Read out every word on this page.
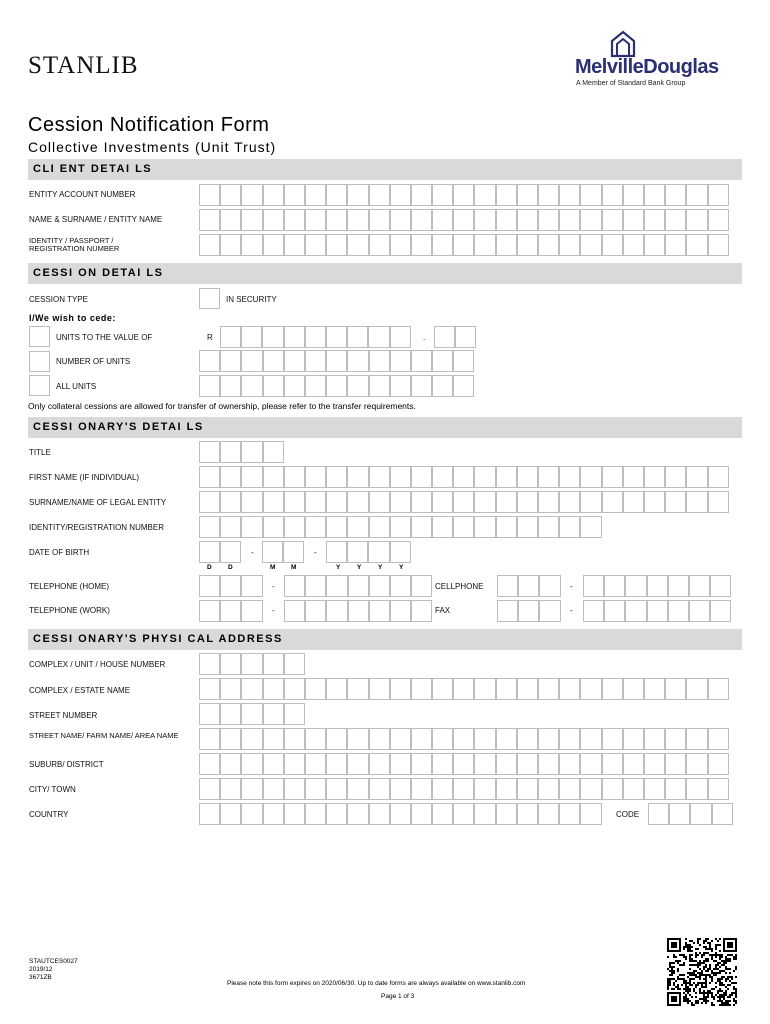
STANLIB	MelvilleDouglas
A Member of Standard Bank Group
Cession Notification Form
Collective Investments (Unit Trust)
CLI ENT DETAI LS
ENTITY ACCOUNT NUMBER
NAME & SURNAME / ENTITY NAME
IDENTITY / PASSPORT / REGISTRATION NUMBER
CESSI ON DETAI LS
CESSION TYPE	IN SECURITY
I/We wish to cede:
UNITS TO THE VALUE OF	R	.
NUMBER OF UNITS
ALL UNITS
Only collateral cessions are allowed for transfer of ownership, please refer to the transfer requirements.
CESSI ONARY'S DETAI LS
TITLE
FIRST NAME (IF INDIVIDUAL)
SURNAME/NAME OF LEGAL ENTITY
IDENTITY/REGISTRATION NUMBER
DATE OF BIRTH	-	-
D	D	M M	Y	Y	Y	Y
TELEPHONE (HOME)	-	CELLPHONE	-
TELEPHONE (WORK)	-	FAX	-
CESSI ONARY'S PHYSI CAL ADDRESS
COMPLEX / UNIT / HOUSE NUMBER
COMPLEX / ESTATE NAME
STREET NUMBER
STREET NAME/ FARM NAME/ AREA NAME
SUBURB/ DISTRICT
CITY/ TOWN
COUNTRY	CODE
STAUTCES0027
2019/12
3671ZB
Please note this form expires on 2020/06/30. Up to date forms are always available on www.stanlib.com
Page 1 of 3
